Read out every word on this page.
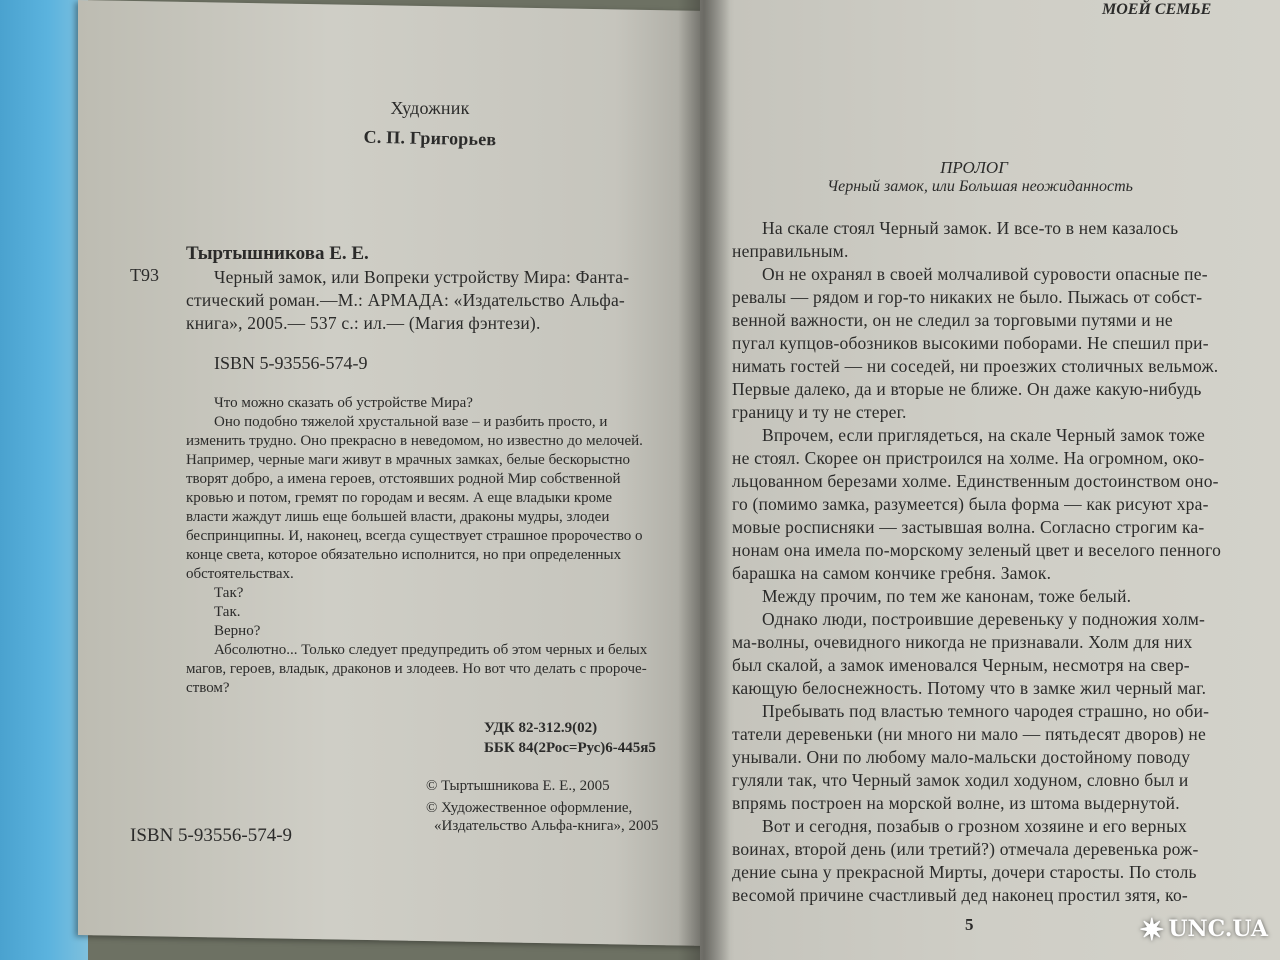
Художник
С. П. Григорьев
Тыртышникова Е. Е.
Т93	Черный замок, или Вопреки устройству Мира: Фанта-
стический роман.—М.: АРМАДА: «Издательство Альфа-
книга», 2005.— 537 с.: ил.— (Магия фэнтези).
ISBN 5-93556-574-9
Что можно сказать об устройстве Мира?
Оно подобно тяжелой хрустальной вазе – и разбить просто, и
изменить трудно. Оно прекрасно в неведомом, но известно до мелочей.
Например, черные маги живут в мрачных замках, белые бескорыстно
творят добро, а имена героев, отстоявших родной Мир собственной
кровью и потом, гремят по городам и весям. А еще владыки кроме
власти жаждут лишь еще большей власти, драконы мудры, злодеи
беспринципны. И, наконец, всегда существует страшное пророчество о
конце света, которое обязательно исполнится, но при определенных
обстоятельствах.
Так?
Так.
Верно?
Абсолютно... Только следует предупредить об этом черных и белых
магов, героев, владык, драконов и злодеев. Но вот что делать с пророче-
ством?
УДК 82-312.9(02)
ББК 84(2Рос=Рус)6-445я5
© Тыртышникова Е. Е., 2005
© Художественное оформление,
«Издательство Альфа-книга», 2005
ISBN 5-93556-574-9
МОЕЙ СЕМЬЕ
ПРОЛОГ
Черный замок, или Большая неожиданность
На скале стоял Черный замок. И все-то в нем казалось
неправильным.
Он не охранял в своей молчаливой суровости опасные пе-
ревалы — рядом и гор-то никаких не было. Пыжась от собст-
венной важности, он не следил за торговыми путями и не
пугал купцов-обозников высокими поборами. Не спешил при-
нимать гостей — ни соседей, ни проезжих столичных вельмож.
Первые далеко, да и вторые не ближе. Он даже какую-нибудь
границу и ту не стерег.
Впрочем, если приглядеться, на скале Черный замок тоже
не стоял. Скорее он пристроился на холме. На огромном, око-
льцованном березами холме. Единственным достоинством оно-
го (помимо замка, разумеется) была форма — как рисуют хра-
мовые росписняки — застывшая волна. Согласно строгим ка-
нонам она имела по-морскому зеленый цвет и веселого пенного
барашка на самом кончике гребня. Замок.
Между прочим, по тем же канонам, тоже белый.
Однако люди, построившие деревеньку у подножия холм-
ма-волны, очевидного никогда не признавали. Холм для них
был скалой, а замок именовался Черным, несмотря на свер-
кающую белоснежность. Потому что в замке жил черный маг.
Пребывать под властью темного чародея страшно, но оби-
татели деревеньки (ни много ни мало — пятьдесят дворов) не
унывали. Они по любому мало-мальски достойному поводу
гуляли так, что Черный замок ходил ходуном, словно был и
впрямь построен на морской волне, из штома выдернутой.
Вот и сегодня, позабыв о грозном хозяине и его верных
воинах, второй день (или третий?) отмечала деревенька рож-
дение сына у прекрасной Мирты, дочери старосты. По столь
весомой причине счастливый дед наконец простил зятя, ко-
5	✷ UNC.UA
